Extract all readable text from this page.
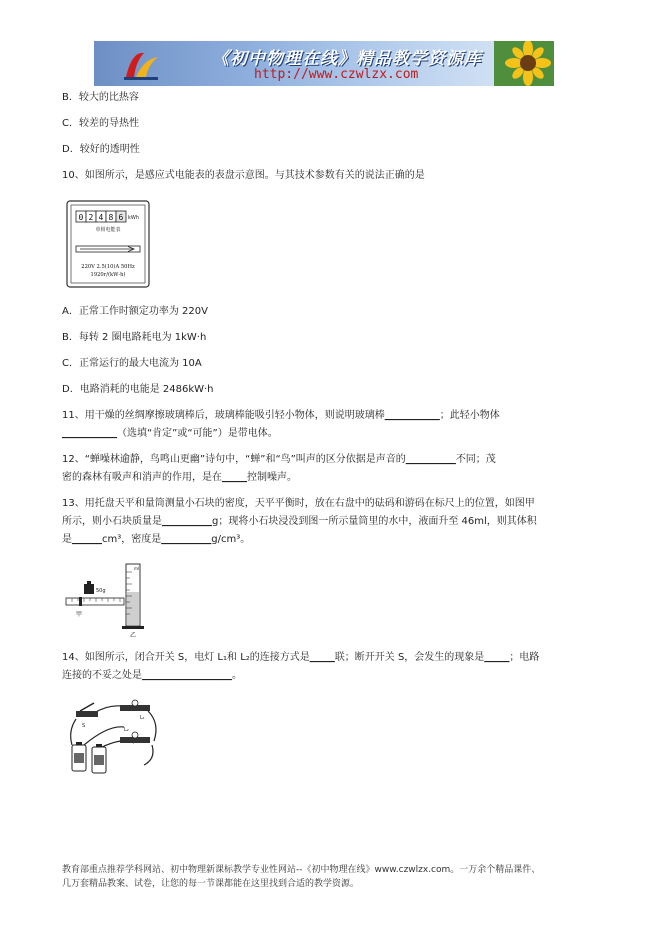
《初中物理在线》精品教学资源库
http://www.czwlzx.com
B．较大的比热容
C．较差的导热性
D．较好的透明性
10、如图所示，是感应式电能表的表盘示意图。与其技术参数有关的说法正确的是
0 2 4 8 6 kWh
单相电能表
220V 2.5(10)A 50Hz
1920r/(kW·h)
A．正常工作时额定功率为 220V
B．每转 2 圈电路耗电为 1kW·h
C．正常运行的最大电流为 10A
D．电路消耗的电能是 2486kW·h
11、用干燥的丝绸摩擦玻璃棒后，玻璃棒能吸引轻小物体，则说明玻璃棒___________；此轻小物体
___________（选填“肯定”或“可能”）是带电体。
12、“蝉噪林逾静，鸟鸣山更幽”诗句中，“蝉”和“鸟”叫声的区分依据是声音的__________不同；茂
密的森林有吸声和消声的作用，是在_____控制噪声。
13、用托盘天平和量筒测量小石块的密度，天平平衡时，放在右盘中的砝码和游码在标尺上的位置，如图甲
所示，则小石块质量是__________g；现将小石块浸没到图一所示量筒里的水中，液面升至 46ml，则其体积
是______cm³，密度是__________g/cm³。
50g
甲
ml
乙
14、如图所示，闭合开关 S，电灯 L₁和 L₂的连接方式是_____联；断开开关 S，会发生的现象是_____；电路
连接的不妥之处是__________________。
S
L₁
L₂
教育部重点推荐学科网站、初中物理新课标教学专业性网站--《初中物理在线》www.czwlzx.com。一万余个精品课件、
几万套精品教案、试卷，让您的每一节课都能在这里找到合适的教学资源。
